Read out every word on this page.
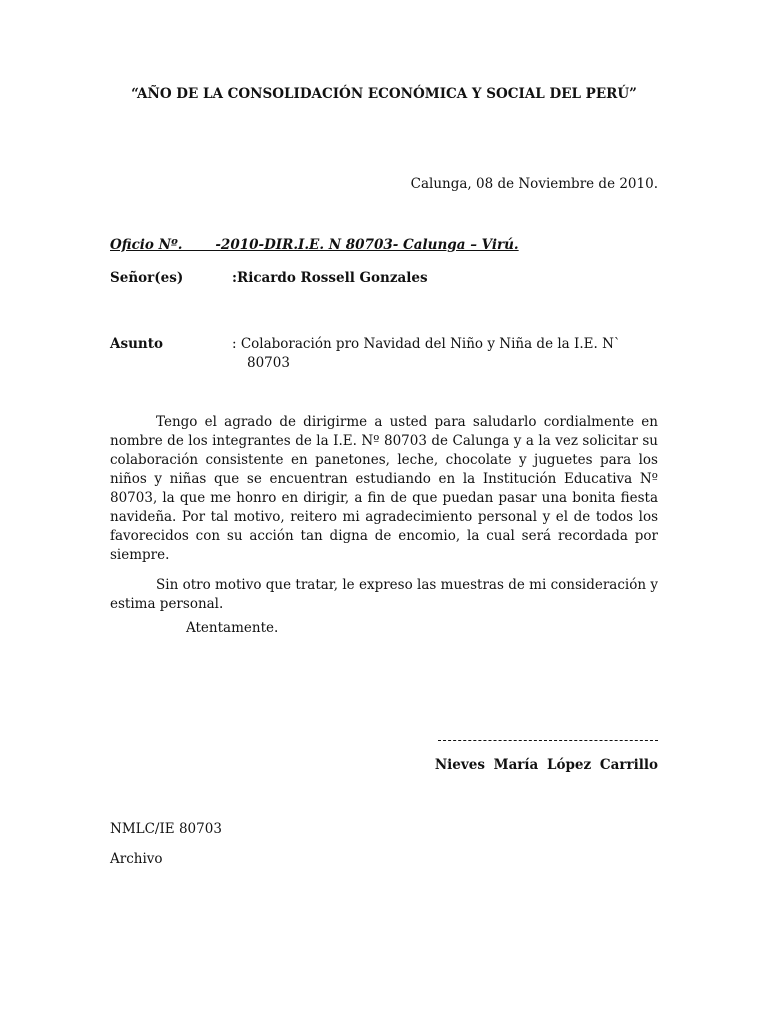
“AÑO DE LA CONSOLIDACIÓN ECONÓMICA Y SOCIAL DEL PERÚ”
Calunga, 08 de Noviembre de 2010.
Oficio Nº.       -2010-DIR.I.E. N 80703- Calunga – Virú.
Señor(es)	:Ricardo Rossell Gonzales
Asunto	: Colaboración pro Navidad del Niño y Niña de la I.E. N`
80703

Tengo el agrado de dirigirme a usted para saludarlo cordialmente en nombre de los integrantes de la I.E. Nº 80703 de Calunga y a la vez solicitar su colaboración consistente en panetones, leche, chocolate y juguetes para los niños y niñas que se encuentran estudiando en la Institución Educativa Nº 80703, la que me honro en dirigir, a fin de que puedan pasar una bonita fiesta navideña. Por tal motivo, reitero mi agradecimiento personal y el de todos los favorecidos con su acción tan digna de encomio, la cual será recordada por siempre.

Sin otro motivo que tratar, le expreso las muestras de mi consideración y estima personal.

Atentamente.
Nieves María López Carrillo
NMLC/IE 80703
Archivo
